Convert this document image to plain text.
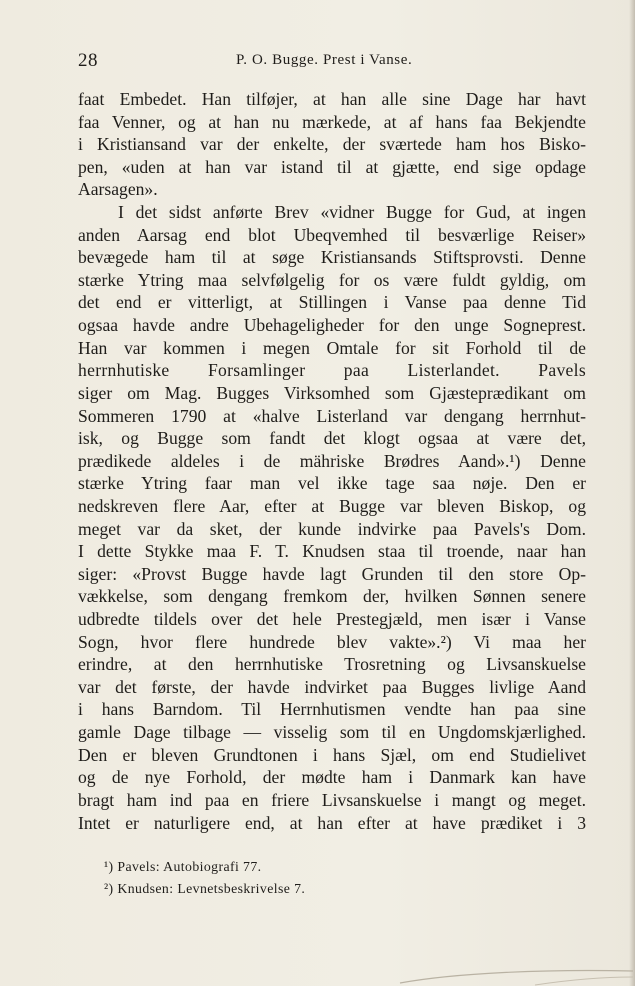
28	P. O. Bugge. Prest i Vanse.
faat Embedet. Han tilføjer, at han alle sine Dage har havt
faa Venner, og at han nu mærkede, at af hans faa Bekjendte
i Kristiansand var der enkelte, der sværtede ham hos Bisko-
pen, «uden at han var istand til at gjætte, end sige opdage
Aarsagen».
I det sidst anførte Brev «vidner Bugge for Gud, at ingen
anden Aarsag end blot Ubeqvemhed til besværlige Reiser»
bevægede ham til at søge Kristiansands Stiftsprovsti. Denne
stærke Ytring maa selvfølgelig for os være fuldt gyldig, om
det end er vitterligt, at Stillingen i Vanse paa denne Tid
ogsaa havde andre Ubehageligheder for den unge Sogneprest.
Han var kommen i megen Omtale for sit Forhold til de
herrnhutiske Forsamlinger paa Listerlandet. Pavels
siger om Mag. Bugges Virksomhed som Gjæsteprædikant om
Sommeren 1790 at «halve Listerland var dengang herrnhut-
isk, og Bugge som fandt det klogt ogsaa at være det,
prædikede aldeles i de mähriske Brødres Aand».¹) Denne
stærke Ytring faar man vel ikke tage saa nøje. Den er
nedskreven flere Aar, efter at Bugge var bleven Biskop, og
meget var da sket, der kunde indvirke paa Pavels's Dom.
I dette Stykke maa F. T. Knudsen staa til troende, naar han
siger: «Provst Bugge havde lagt Grunden til den store Op-
vækkelse, som dengang fremkom der, hvilken Sønnen senere
udbredte tildels over det hele Prestegjæld, men især i Vanse
Sogn, hvor flere hundrede blev vakte».²) Vi maa her
erindre, at den herrnhutiske Trosretning og Livsanskuelse
var det første, der havde indvirket paa Bugges livlige Aand
i hans Barndom. Til Herrnhutismen vendte han paa sine
gamle Dage tilbage — visselig som til en Ungdomskjærlighed.
Den er bleven Grundtonen i hans Sjæl, om end Studielivet
og de nye Forhold, der mødte ham i Danmark kan have
bragt ham ind paa en friere Livsanskuelse i mangt og meget.
Intet er naturligere end, at han efter at have prædiket i 3
¹) Pavels: Autobiografi 77.
²) Knudsen: Levnetsbeskrivelse 7.
